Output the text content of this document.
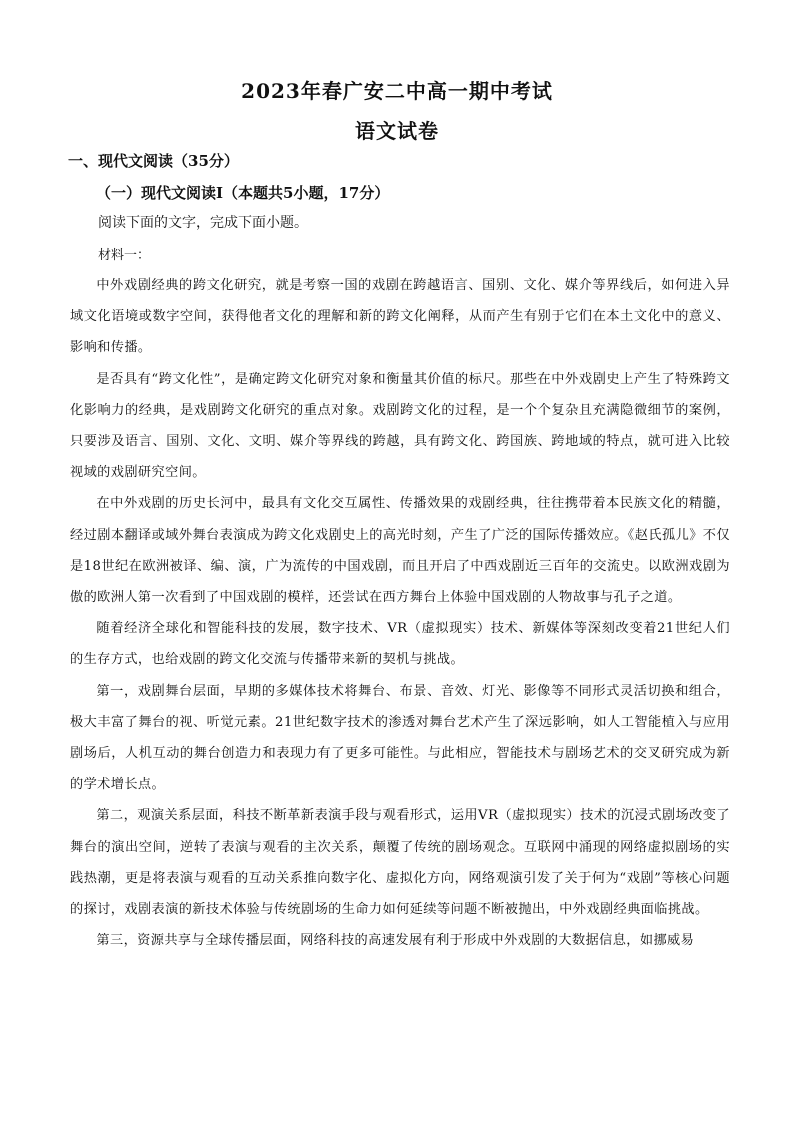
2023年春广安二中高一期中考试
语文试卷
一、现代文阅读（35分）
（一）现代文阅读Ⅰ（本题共5小题，17分）
阅读下面的文字，完成下面小题。
材料一：

中外戏剧经典的跨文化研究，就是考察一国的戏剧在跨越语言、国别、文化、媒介等界线后，如何进入异域文化语境或数字空间，获得他者文化的理解和新的跨文化阐释，从而产生有别于它们在本土文化中的意义、影响和传播。

是否具有“跨文化性”，是确定跨文化研究对象和衡量其价值的标尺。那些在中外戏剧史上产生了特殊跨文化影响力的经典，是戏剧跨文化研究的重点对象。戏剧跨文化的过程，是一个个复杂且充满隐微细节的案例，只要涉及语言、国别、文化、文明、媒介等界线的跨越，具有跨文化、跨国族、跨地域的特点，就可进入比较视域的戏剧研究空间。

在中外戏剧的历史长河中，最具有文化交互属性、传播效果的戏剧经典，往往携带着本民族文化的精髓，经过剧本翻译或域外舞台表演成为跨文化戏剧史上的高光时刻，产生了广泛的国际传播效应。《赵氏孤儿》不仅是18世纪在欧洲被译、编、演，广为流传的中国戏剧，而且开启了中西戏剧近三百年的交流史。以欧洲戏剧为傲的欧洲人第一次看到了中国戏剧的模样，还尝试在西方舞台上体验中国戏剧的人物故事与孔子之道。

随着经济全球化和智能科技的发展，数字技术、VR（虚拟现实）技术、新媒体等深刻改变着21世纪人们的生存方式，也给戏剧的跨文化交流与传播带来新的契机与挑战。

第一，戏剧舞台层面，早期的多媒体技术将舞台、布景、音效、灯光、影像等不同形式灵活切换和组合，极大丰富了舞台的视、听觉元素。21世纪数字技术的渗透对舞台艺术产生了深远影响，如人工智能植入与应用剧场后，人机互动的舞台创造力和表现力有了更多可能性。与此相应，智能技术与剧场艺术的交叉研究成为新的学术增长点。

第二，观演关系层面，科技不断革新表演手段与观看形式，运用VR（虚拟现实）技术的沉浸式剧场改变了舞台的演出空间，逆转了表演与观看的主次关系，颠覆了传统的剧场观念。互联网中涌现的网络虚拟剧场的实践热潮，更是将表演与观看的互动关系推向数字化、虚拟化方向，网络观演引发了关于何为“戏剧”等核心问题的探讨，戏剧表演的新技术体验与传统剧场的生命力如何延续等问题不断被抛出，中外戏剧经典面临挑战。

第三，资源共享与全球传播层面，网络科技的高速发展有利于形成中外戏剧的大数据信息，如挪威易
